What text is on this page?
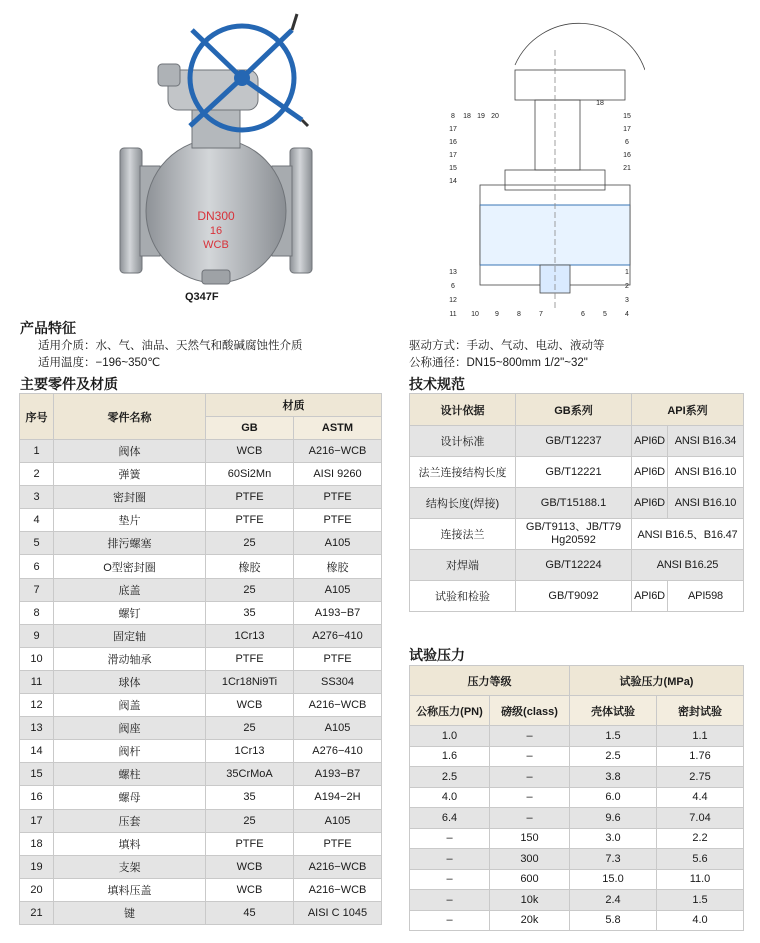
DN300
16
WCB
Q347F
8 18 19 20
17
16
17
15
14
13
6
12
11 10 9	8	7
18
15
17
6
16
21
1
2
3
4
5
6
产品特征
适用介质：水、气、油品、天然气和酸碱腐蚀性介质
适用温度：−196~350℃
驱动方式：手动、气动、电动、液动等
公称通径：DN15~800mm 1/2"~32"
主要零件及材质
序号	零件名称	材质	
		GB	ASTM
1	阀体	WCB	A216−WCB
2	弹簧	60Si2Mn	AISI 9260
3	密封圈	PTFE	PTFE
4	垫片	PTFE	PTFE
5	排污螺塞	25	A105
6	O型密封圈	橡胶	橡胶
7	底盖	25	A105
8	螺钉	35	A193−B7
9	固定轴	1Cr13	A276−410
10	滑动轴承	PTFE	PTFE
11	球体	1Cr18Ni9Ti	SS304
12	阀盖	WCB	A216−WCB
13	阀座	25	A105
14	阀杆	1Cr13	A276−410
15	螺柱	35CrMoA	A193−B7
16	螺母	35	A194−2H
17	压套	25	A105
18	填料	PTFE	PTFE
19	支架	WCB	A216−WCB
20	填料压盖	WCB	A216−WCB
21	键	45	AISI C 1045
技术规范
设计依据	GB系列	API系列	
设计标准	GB/T12237	API6D	ANSI B16.34
法兰连接结构长度	GB/T12221	API6D	ANSI B16.10
结构长度(焊接)	GB/T15188.1	API6D	ANSI B16.10
连接法兰	GB/T9113、JB/T79 Hg20592	ANSI B16.5、B16.47	
对焊端	GB/T12224	ANSI B16.25	
试验和检验	GB/T9092	API6D	API598
试验压力
压力等级		试验压力(MPa)	
公称压力(PN)	磅级(class)	壳体试验	密封试验
1.0	–	1.5	1.1
1.6	–	2.5	1.76
2.5	–	3.8	2.75
4.0	–	6.0	4.4
6.4	–	9.6	7.04
–	150	3.0	2.2
–	300	7.3	5.6
–	600	15.0	11.0
–	10k	2.4	1.5
–	20k	5.8	4.0
